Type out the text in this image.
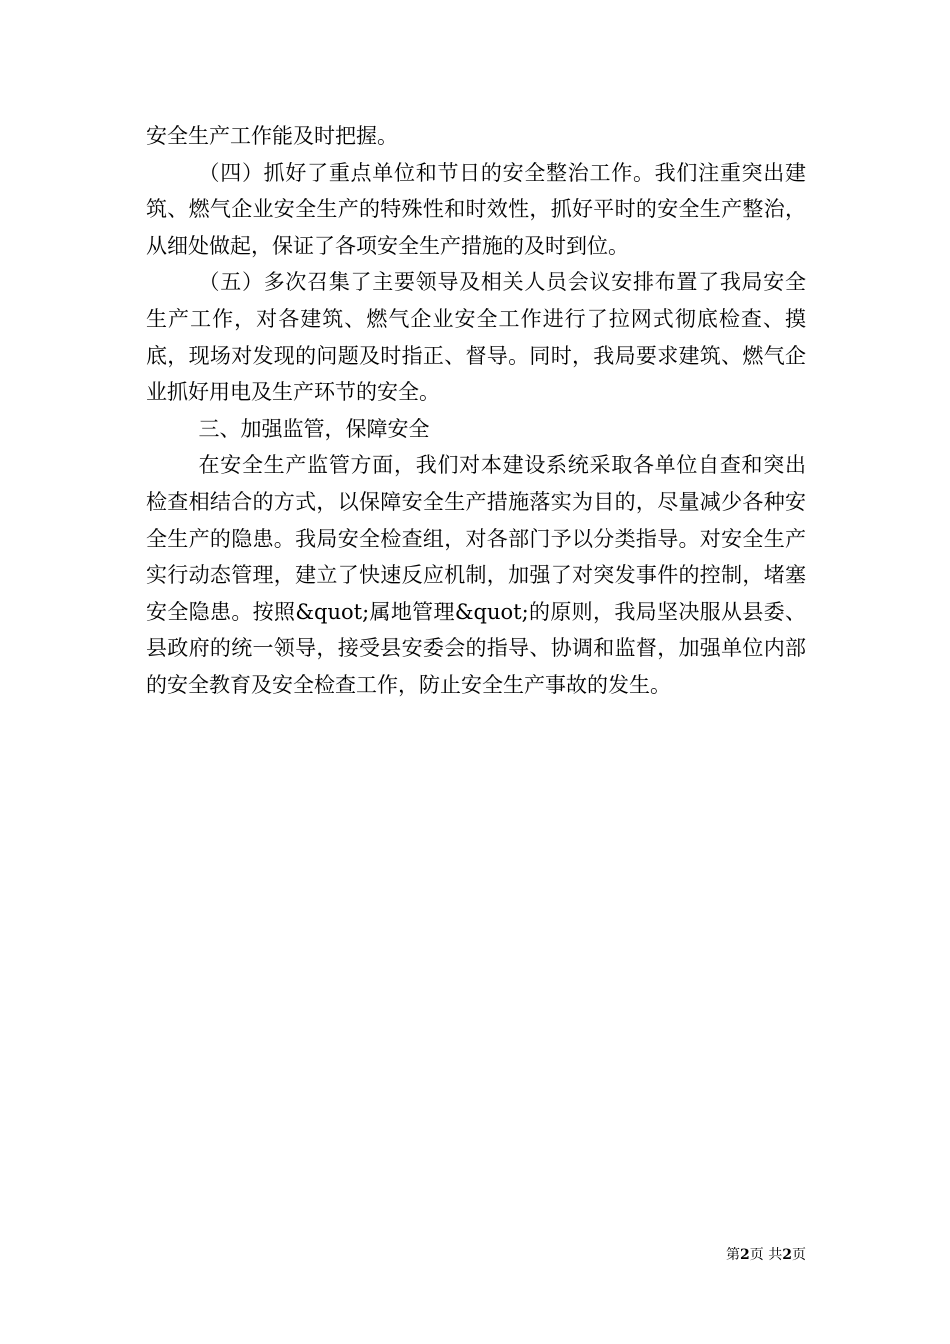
安全生产工作能及时把握。

（四）抓好了重点单位和节日的安全整治工作。我们注重突出建筑、燃气企业安全生产的特殊性和时效性，抓好平时的安全生产整治，从细处做起，保证了各项安全生产措施的及时到位。

（五）多次召集了主要领导及相关人员会议安排布置了我局安全生产工作，对各建筑、燃气企业安全工作进行了拉网式彻底检查、摸底，现场对发现的问题及时指正、督导。同时，我局要求建筑、燃气企业抓好用电及生产环节的安全。

三、加强监管，保障安全

在安全生产监管方面，我们对本建设系统采取各单位自查和突出检查相结合的方式，以保障安全生产措施落实为目的，尽量减少各种安全生产的隐患。我局安全检查组，对各部门予以分类指导。对安全生产实行动态管理，建立了快速反应机制，加强了对突发事件的控制，堵塞安全隐患。按照&quot;属地管理&quot;的原则，我局坚决服从县委、县政府的统一领导，接受县安委会的指导、协调和监督，加强单位内部的安全教育及安全检查工作，防止安全生产事故的发生。

第2页 共2页
